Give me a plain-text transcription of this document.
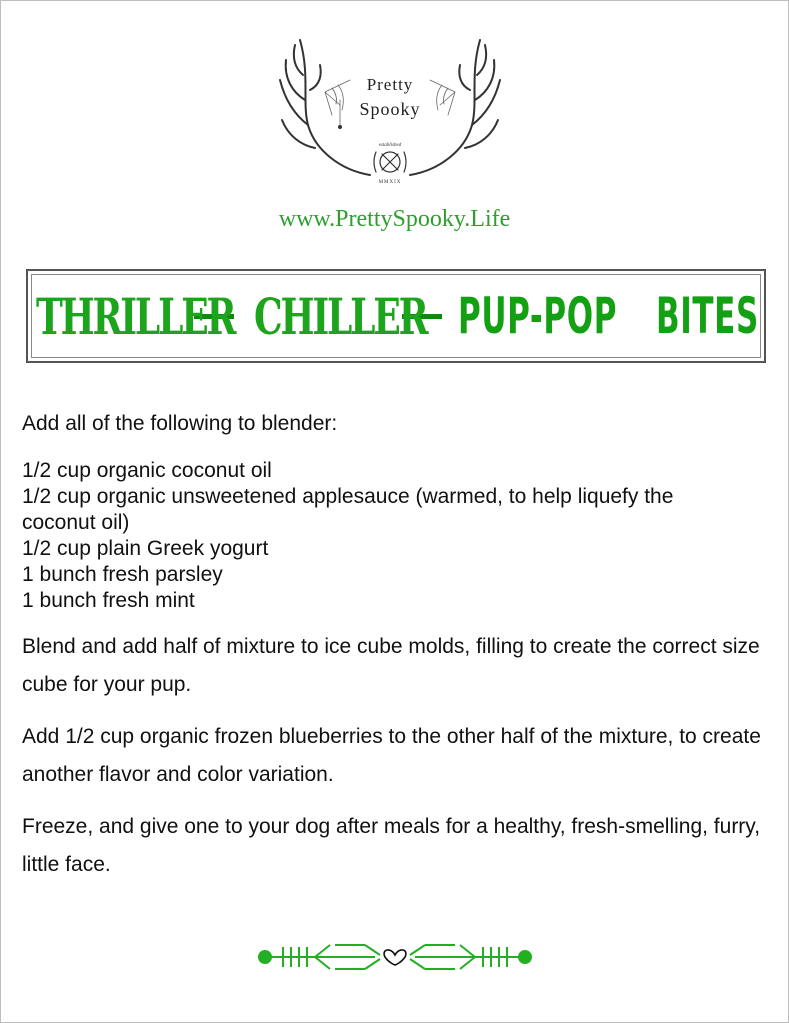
Pretty
Spooky
established
MMXIX
www.PrettySpooky.Life
THRILLER CHILLER PUP-POP BITES

Add all of the following to blender:

1/2 cup organic coconut oil

1/2 cup organic unsweetened applesauce (warmed, to help liquefy the coconut oil)

1/2 cup plain Greek yogurt

1 bunch fresh parsley

1 bunch fresh mint

Blend and add half of mixture to ice cube molds, filling to create the correct size cube for your pup.

Add 1/2 cup organic frozen blueberries to the other half of the mixture, to create another flavor and color variation.

Freeze, and give one to your dog after meals for a healthy, fresh-smelling, furry, little face.
